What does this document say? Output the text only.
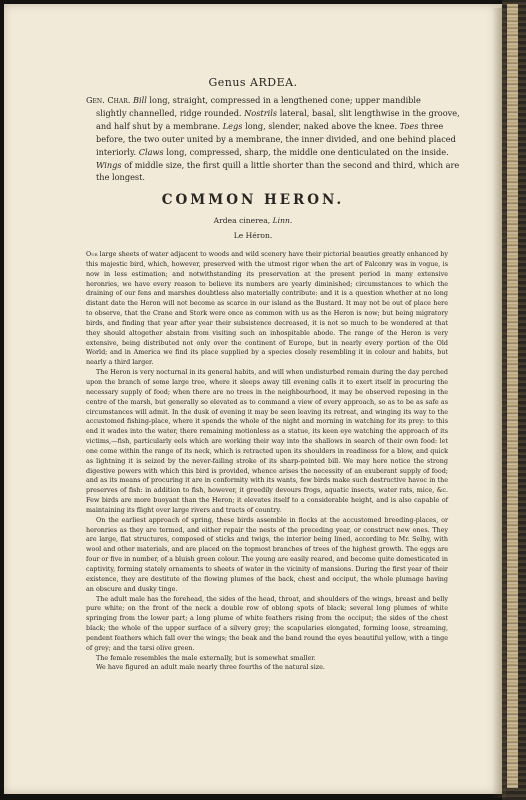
Genus ARDEA.
Gen. Char. Bill long, straight, compressed in a lengthened cone; upper mandible
slightly channelled, ridge rounded. Nostrils lateral, basal, slit lengthwise in the groove,
and half shut by a membrane. Legs long, slender, naked above the knee. Toes three
before, the two outer united by a membrane, the inner divided, and one behind placed
interiorly. Claws long, compressed, sharp, the middle one denticulated on the inside.
Wings of middle size, the first quill a little shorter than the second and third, which are
the longest.
COMMON HERON.
Ardea cinerea, Linn.
Le Héron.

Our large sheets of water adjacent to woods and wild scenery have their pictorial beauties greatly enhanced by this majestic bird, which, however, preserved with the utmost rigor when the art of Falconry was in vogue, is now in less estimation; and notwithstanding its preservation at the present period in many extensive heronries, we have every reason to believe its numbers are yearly diminished; circumstances to which the draining of our fens and marshes doubtless also materially contribute: and it is a question whether at no long distant date the Heron will not become as scarce in our island as the Bustard. It may not be out of place here to observe, that the Crane and Stork were once as common with us as the Heron is now; but being migratory birds, and finding that year after year their subsistence decreased, it is not so much to be wondered at that they should altogether abstain from visiting such an inhospitable abode. The range of the Heron is very extensive, being distributed not only over the continent of Europe, but in nearly every portion of the Old World; and in America we find its place supplied by a species closely resembling it in colour and habits, but nearly a third larger.

The Heron is very nocturnal in its general habits, and will when undisturbed remain during the day perched upon the branch of some large tree, where it sleeps away till evening calls it to exert itself in procuring the necessary supply of food; when there are no trees in the neighbourhood, it may be observed reposing in the centre of the marsh, but generally so elevated as to command a view of every approach, so as to be as safe as circumstances will admit. In the dusk of evening it may be seen leaving its retreat, and winging its way to the accustomed fishing-place, where it spends the whole of the night and morning in watching for its prey: to this end it wades into the water, there remaining motionless as a statue, its keen eye watching the approach of its victims,—fish, particularly eels which are working their way into the shallows in search of their own food: let one come within the range of its neck, which is retracted upon its shoulders in readiness for a blow, and quick as lightning it is seized by the never-failing stroke of its sharp-pointed bill. We may here notice the strong digestive powers with which this bird is provided, whence arises the necessity of an exuberant supply of food; and as its means of procuring it are in conformity with its wants, few birds make such destructive havoc in the preserves of fish: in addition to fish, however, it greedily devours frogs, aquatic insects, water rats, mice, &c. Few birds are more buoyant than the Heron; it elevates itself to a considerable height, and is also capable of maintaining its flight over large rivers and tracts of country.

On the earliest approach of spring, these birds assemble in flocks at the accustomed breeding-places, or heronries as they are termed, and either repair the nests of the preceding year, or construct new ones. They are large, flat structures, composed of sticks and twigs, the interior being lined, according to Mr. Selby, with wool and other materials, and are placed on the topmost branches of trees of the highest growth. The eggs are four or five in number, of a bluish green colour. The young are easily reared, and become quite domesticated in captivity, forming stately ornaments to sheets of water in the vicinity of mansions. During the first year of their existence, they are destitute of the flowing plumes of the back, chest and occiput, the whole plumage having an obscure and dusky tinge.

The adult male has the forehead, the sides of the head, throat, and shoulders of the wings, breast and belly pure white; on the front of the neck a double row of oblong spots of black; several long plumes of white springing from the lower part; a long plume of white feathers rising from the occiput; the sides of the chest black; the whole of the upper surface of a silvery grey; the scapularies elongated, forming loose, streaming, pendent feathers which fall over the wings; the beak and the band round the eyes beautiful yellow, with a tinge of grey; and the tarsi olive green.

The female resembles the male externally, but is somewhat smaller.

We have figured an adult male nearly three fourths of the natural size.
